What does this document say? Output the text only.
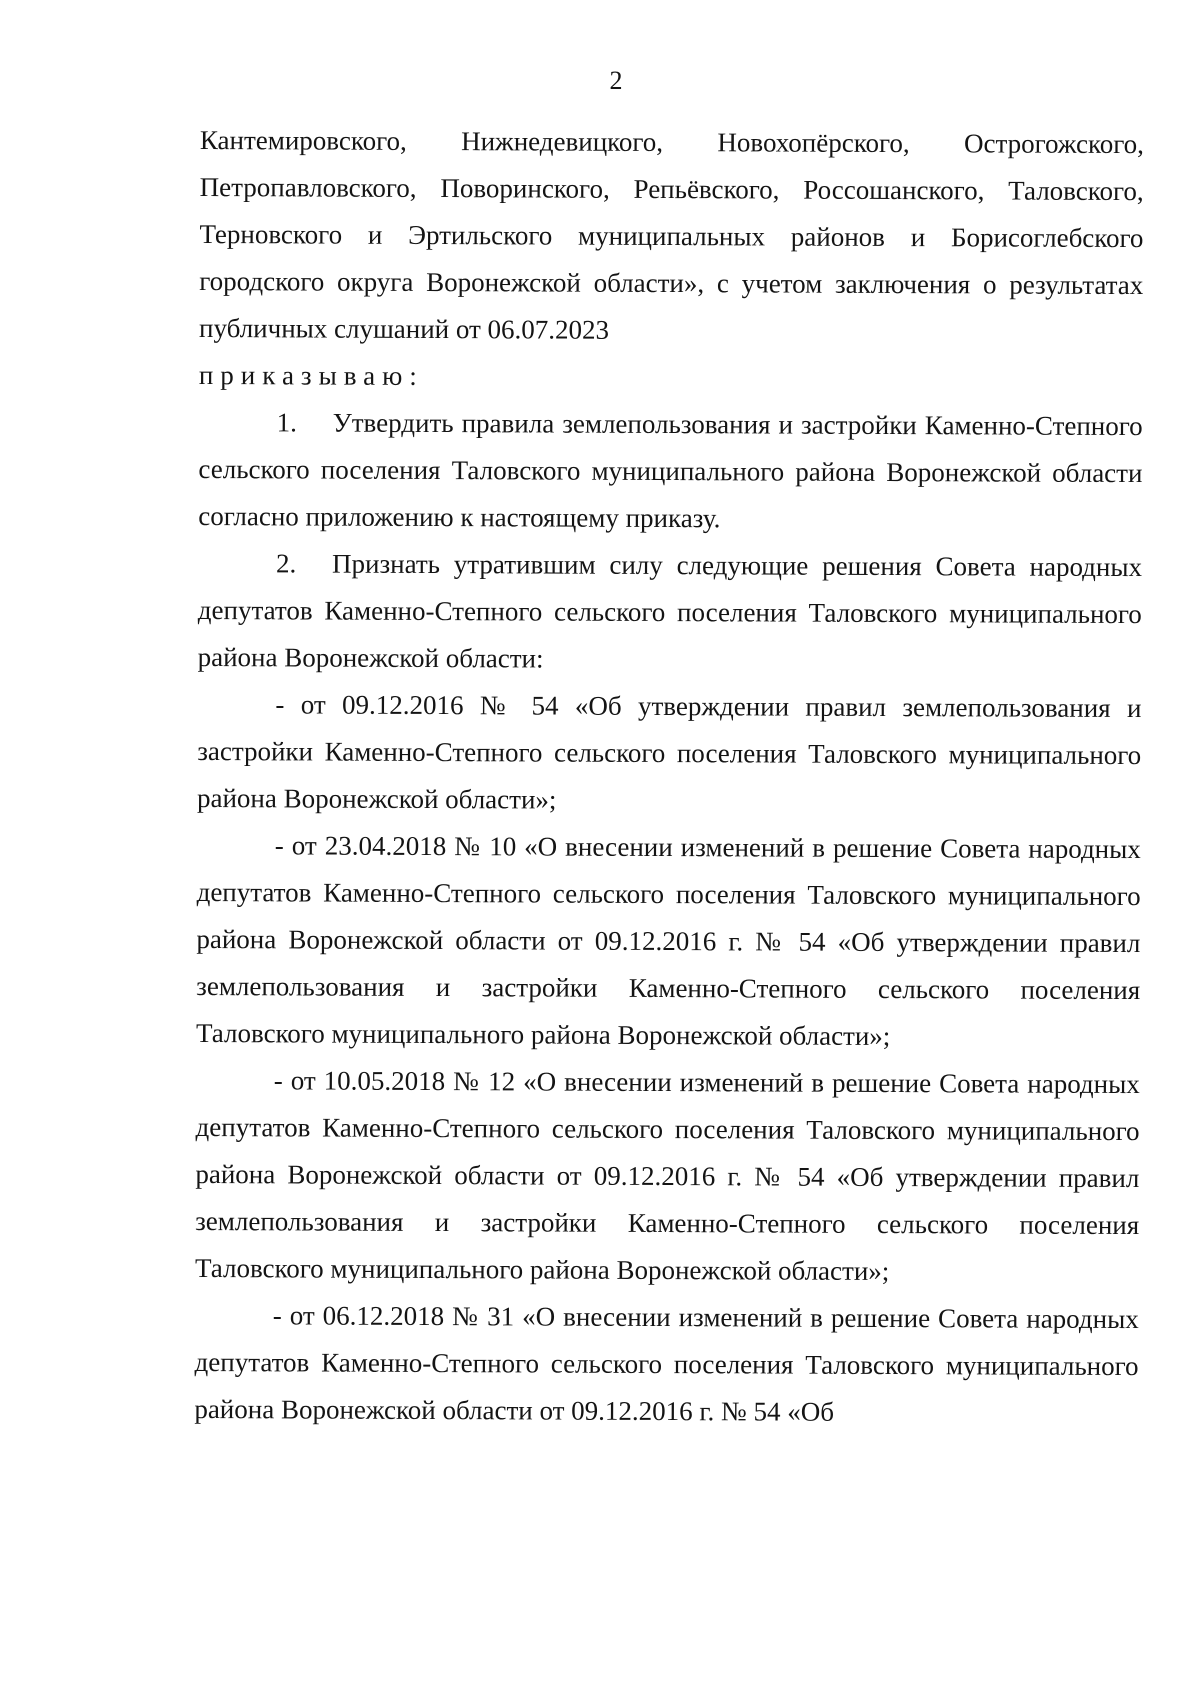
2

Кантемировского, Нижнедевицкого, Новохопёрского, Острогожского, Петропавловского, Поворинского, Репьёвского, Россошанского, Таловского, Терновского и Эртильского муниципальных районов и Борисоглебского городского округа Воронежской области», с учетом заключения о результатах публичных слушаний от 06.07.2023

приказываю:

1. Утвердить правила землепользования и застройки Каменно-Степного сельского поселения Таловского муниципального района Воронежской области согласно приложению к настоящему приказу.

2. Признать утратившим силу следующие решения Совета народных депутатов Каменно-Степного сельского поселения Таловского муниципального района Воронежской области:

- от 09.12.2016 № 54 «Об утверждении правил землепользования и застройки Каменно-Степного сельского поселения Таловского муниципального района Воронежской области»;

- от 23.04.2018 № 10 «О внесении изменений в решение Совета народных депутатов Каменно-Степного сельского поселения Таловского муниципального района Воронежской области от 09.12.2016 г. № 54 «Об утверждении правил землепользования и застройки Каменно-Степного сельского поселения Таловского муниципального района Воронежской области»;

- от 10.05.2018 № 12 «О внесении изменений в решение Совета народных депутатов Каменно-Степного сельского поселения Таловского муниципального района Воронежской области от 09.12.2016 г. № 54 «Об утверждении правил землепользования и застройки Каменно-Степного сельского поселения Таловского муниципального района Воронежской области»;

- от 06.12.2018 № 31 «О внесении изменений в решение Совета народных депутатов Каменно-Степного сельского поселения Таловского муниципального района Воронежской области от 09.12.2016 г. № 54 «Об
